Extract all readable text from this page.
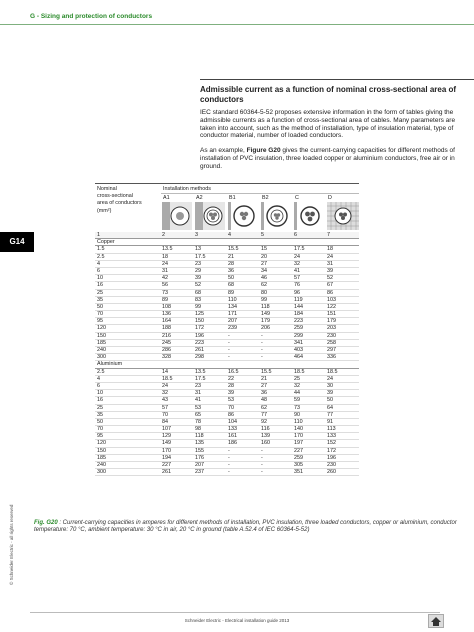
G - Sizing and protection of conductors
G14
Admissible current as a function of nominal cross-sectional area of conductors
IEC standard 60364-5-52 proposes extensive information in the form of tables giving the admissible currents as a function of cross-sectional area of cables. Many parameters are taken into account, such as the method of installation, type of insulation material, type of conductor material, number of loaded conductors.
As an example, Figure G20 gives the current-carrying capacities for different methods of installation of PVC insulation, three loaded copper or aluminium conductors, free air or in ground.
Nominal
cross-sectional
area of conductors
(mm²)
Installation methods
A1	A2	B1	B2	C	D
1	2	3	4	5	6	7
Copper
1.5	13.5	13	15.5	15	17.5	18
2.5	18	17.5	21	20	24	24
4	24	23	28	27	32	31
6	31	29	36	34	41	39
10	42	39	50	46	57	52
16	56	52	68	62	76	67
25	73	68	89	80	96	86
35	89	83	110	99	119	103
50	108	99	134	118	144	122
70	136	125	171	149	184	151
95	164	150	207	179	223	179
120	188	172	239	206	259	203
150	216	196	-	-	299	230
185	245	223	-	-	341	258
240	286	261	-	-	403	297
300	328	298	-	-	464	336
Aluminium
2.5	14	13.5	16.5	15.5	18.5	18.5
4	18.5	17.5	22	21	25	24
6	24	23	28	27	32	30
10	32	31	39	36	44	39
16	43	41	53	48	59	50
25	57	53	70	62	73	64
35	70	65	86	77	90	77
50	84	78	104	92	110	91
70	107	98	133	116	140	113
95	129	118	161	139	170	133
120	149	135	186	160	197	152
150	170	155	-	-	227	172
185	194	176	-	-	259	196
240	227	207	-	-	305	230
300	261	237	-	-	351	260
Fig. G20 : Current-carrying capacities in amperes for different methods of installation, PVC insulation, three loaded conductors, copper or aluminium, conductor temperature: 70 °C, ambient temperature: 30 °C in air, 20 °C in ground (table A.52.4 of IEC 60364-5-52)
© Schneider Electric - all rights reserved
Schneider Electric - Electrical installation guide 2013
